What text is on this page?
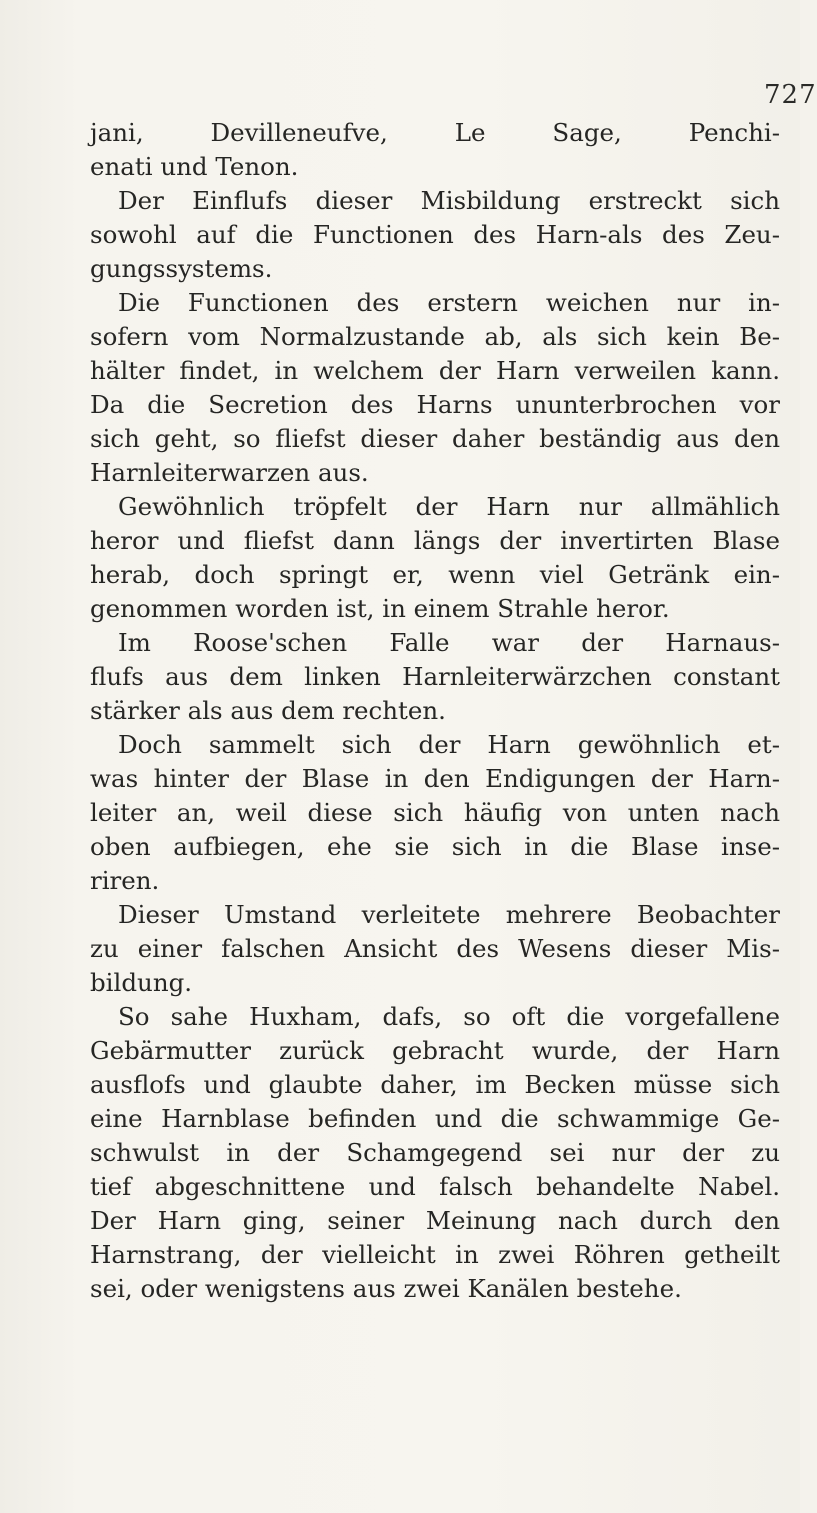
727
jani, Devilleneufve, Le Sage, Penchi-
enati und Tenon.
Der Einflufs dieser Misbildung erstreckt sich
sowohl auf die Functionen des Harn-als des Zeu-
gungssystems.
Die Functionen des erstern weichen nur in-
sofern vom Normalzustande ab, als sich kein Be-
hälter findet, in welchem der Harn verweilen kann.
Da die Secretion des Harns ununterbrochen vor
sich geht, so fliefst dieser daher beständig aus den
Harnleiterwarzen aus.
Gewöhnlich tröpfelt der Harn nur allmählich
heror und fliefst dann längs der invertirten Blase
herab, doch springt er, wenn viel Getränk ein-
genommen worden ist, in einem Strahle heror.
Im Roose'schen Falle war der Harnaus-
flufs aus dem linken Harnleiterwärzchen constant
stärker als aus dem rechten.
Doch sammelt sich der Harn gewöhnlich et-
was hinter der Blase in den Endigungen der Harn-
leiter an, weil diese sich häufig von unten nach
oben aufbiegen, ehe sie sich in die Blase inse-
riren.
Dieser Umstand verleitete mehrere Beobachter
zu einer falschen Ansicht des Wesens dieser Mis-
bildung.
So sahe Huxham, dafs, so oft die vorgefallene
Gebärmutter zurück gebracht wurde, der Harn
ausflofs und glaubte daher, im Becken müsse sich
eine Harnblase befinden und die schwammige Ge-
schwulst in der Schamgegend sei nur der zu
tief abgeschnittene und falsch behandelte Nabel.
Der Harn ging, seiner Meinung nach durch den
Harnstrang, der vielleicht in zwei Röhren getheilt
sei, oder wenigstens aus zwei Kanälen bestehe.
